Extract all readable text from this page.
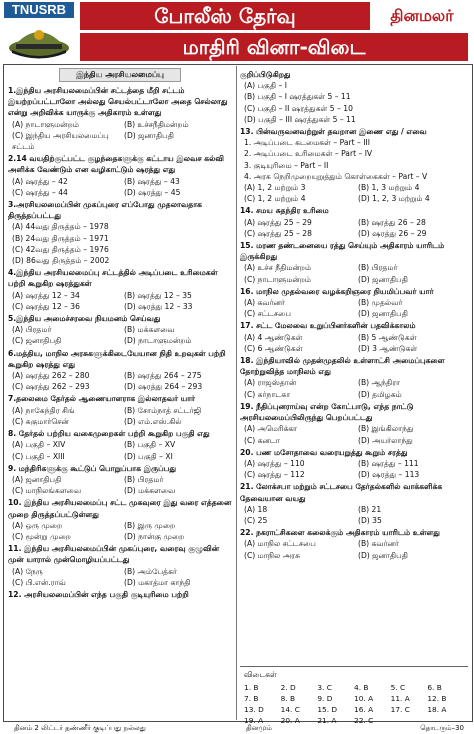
TNUSRB	போலீஸ் தேர்வு	தினமலர்
மாதிரி வினா-விடை
இந்திய அரசியலமைப்பு
1.இந்திய அரசியலமைப்பின் சட்டத்தை மீறி சட்டம் இயற்றப்பட்டாலோ அல்லது செயல்பட்டாலோ அதை செல்லாது என்று அறிவிக்க யாருக்கு அதிகாரம் உள்ளது
(A) நாடாளுமன்றம்	(B) உச்சநீதிமன்றம்
(C) இந்திய அரசியலமைப்பு சட்டம்
(D) ஜனாதிபதி
2.14 வயதிற்குட்பட்ட குழந்தைகளுக்கு கட்டாய இலவச கல்வி அளிக்க வேண்டும் என வழிகாட்டும் ஷரத்து எது
(A) ஷரத்து – 42	(B) ஷரத்து – 43
(C) ஷரத்து – 44	(D) ஷரத்து – 45
3.அரசியலமைப்பின் முகப்புரை எப்போது முதலாவதாக திருத்தப்பட்டது
(A) 44வது திருத்தம் – 1978
(B) 24வது திருத்தம் – 1971
(C) 42வது திருத்தம் – 1976
(D) 86வது திருத்தம் – 2002
4.இந்திய அரசியலமைப்பு சட்டத்தில் அடிப்படை உரிமைகள் பற்றி கூறுகிற ஷரத்துகள்
(A) ஷரத்து 12 – 34	(B) ஷரத்து 12 – 35
(C) ஷரத்து 12 – 36	(D) ஷரத்து 12 – 33
5.இந்திய அமைச்சரவை நியமனம் செய்வது
(A) பிரதமர்	(B) மக்களவை
(C) ஜனாதிபதி	(D) நாடாளுமன்றம்
6.மத்திய, மாநில அரசுகளுக்கிடையேயான நிதி உறவுகள் பற்றி கூறுகிற ஷரத்து எது
(A) ஷரத்து 262 – 280	(B) ஷரத்து 264 – 275
(C) ஷரத்து 262 – 293	(D) ஷரத்து 264 – 293
7.தலைமை தேர்தல் ஆணையாளராக இல்லாதவர் யார்
(A) நாகேந்திர சிங்	(B) சோம்நாத் சட்டர்ஜி
(C) சுகுமார்சென்	(D) எம்.எஸ்.கில்
8. தேர்தல் பற்றிய வகைமுறைகள் பற்றி கூறுகிற பகுதி எது
(A) பகுதி – XIV	(B) பகுதி – XV
(C) பகுதி – XIII	(D) பகுதி – XI
9. மந்திரிகளுக்கு கூட்டுப் பொறுப்பாக இருப்பது
(A) ஜனாதிபதி	(B) பிரதமர்
(C) மாநிலங்களவை	(D) மக்களவை
10. இந்திய அரசியலமைப்பு சட்ட முகவுரை இது வரை எத்தனை முறை திருத்தப்பட்டுள்ளது
(A) ஒரு முறை	(B) இரு முறை
(C) மூன்று முறை	(D) நான்கு முறை
11. இந்திய அரசியலமைப்பின் முகப்புரை, வரைவு குழுவின் முன் யாரால் முன்மொழியப்பட்டது
(A) நேரு	(B) அம்பேத்கர்
(C) பி.என்.ராவ்	(D) மகாத்மா காந்தி
12. அரசியலமைப்பின் எந்த பகுதி குடியுரிமை பற்றி
குறிப்பிடுகிறது
(A) பகுதி – I
(B) பகுதி – I ஷரத்துகள் 5 – 11
(C) பகுதி – II ஷரத்துகள் 5 – 10
(D) பகுதி – III ஷரத்துகள் 5 – 11
13. பின்வருவனவற்றுள் தவறான இணை எது / எவை
1. அடிப்படை கடமைகள் – Part – III
2. அடிப்படை உரிமைகள் – Part – IV
3. குடியுரிமை – Part – II
4. அரசு நெறிமுறையுறுத்தும் கொள்கைகள் – Part – V
(A) 1, 2 மற்றும் 3	(B) 1, 3 மற்றும் 4
(C) 1, 2 மற்றும் 4	(D) 1, 2, 3 மற்றும் 4
14. சமய சுதந்திர உரிமை
(A) ஷரத்து 25 – 29	(B) ஷரத்து 26 – 28
(C) ஷரத்து 25 – 28	(D) ஷரத்து 26 – 29
15. மரண தண்டனையை ரத்து செய்யும் அதிகாரம் யாரிடம் இருக்கிறது
(A) உச்ச நீதிமன்றம்	(B) பிரதமர்
(C) நாடாளுமன்றம்	(D) ஜனாதிபதி
16. மாநில முதல்வரை வழக்கறிஞரை நியமிப்பவர் யார்
(A) கவர்னர்	(B) முதல்வர்
(C) சட்டசபை	(D) ஜனாதிபதி
17. சட்ட மேலவை உறுப்பினர்களின் பதவிக்காலம்
(A) 4 ஆண்டுகள்	(B) 5 ஆண்டுகள்
(C) 6 ஆண்டுகள்	(D) 3 ஆண்டுகள்
18. இந்தியாவில் முதன்முதலில் உள்ளாட்சி அமைப்புகளை தோற்றுவித்த மாநிலம் எது
(A) ராஜஸ்தான்	(B) ஆந்திரா
(C) கர்நாடகா	(D) தமிழகம்
19. நீதிப்புனராய்வு என்ற கோட்பாடு, எந்த நாட்டு அரசியலமைப்பிலிருந்து பெறப்பட்டது
(A) அமெரிக்கா	(B) இங்கிலாந்து
(C) கனடா	(D) அயர்லாந்து
20. பண மசோதாவை வரையறுத்து கூறும் சரத்து
(A) ஷரத்து – 110	(B) ஷரத்து – 111
(C) ஷரத்து – 112	(D) ஷரத்து – 113
21. லோக்சபா மற்றும் சட்டசபை தேர்தல்களில் வாக்களிக்க தேவையான வயது
(A) 18	(B) 21
(C) 25	(D) 35
22. நகராட்சிகளை கலைக்கும் அதிகாரம் யாரிடம் உள்ளது
(A) மாநில சட்டசபை	(B) கவர்னர்
(C) மாநில அரசு	(D) ஜனாதிபதி
விடைகள்
1. B	2. D	3. C	4. B	5. C	6. B
7. B	8. B	9. D	10. A	11. A	12. B
13. D	14. C	15. D	16. A	17. C	18. A
19. A	20. A	21. A	22. C
தினம் 2 லிட்டர் தண்ணீர் குடிப்பது நல்லது	தினமும்	தொடரும்–30
